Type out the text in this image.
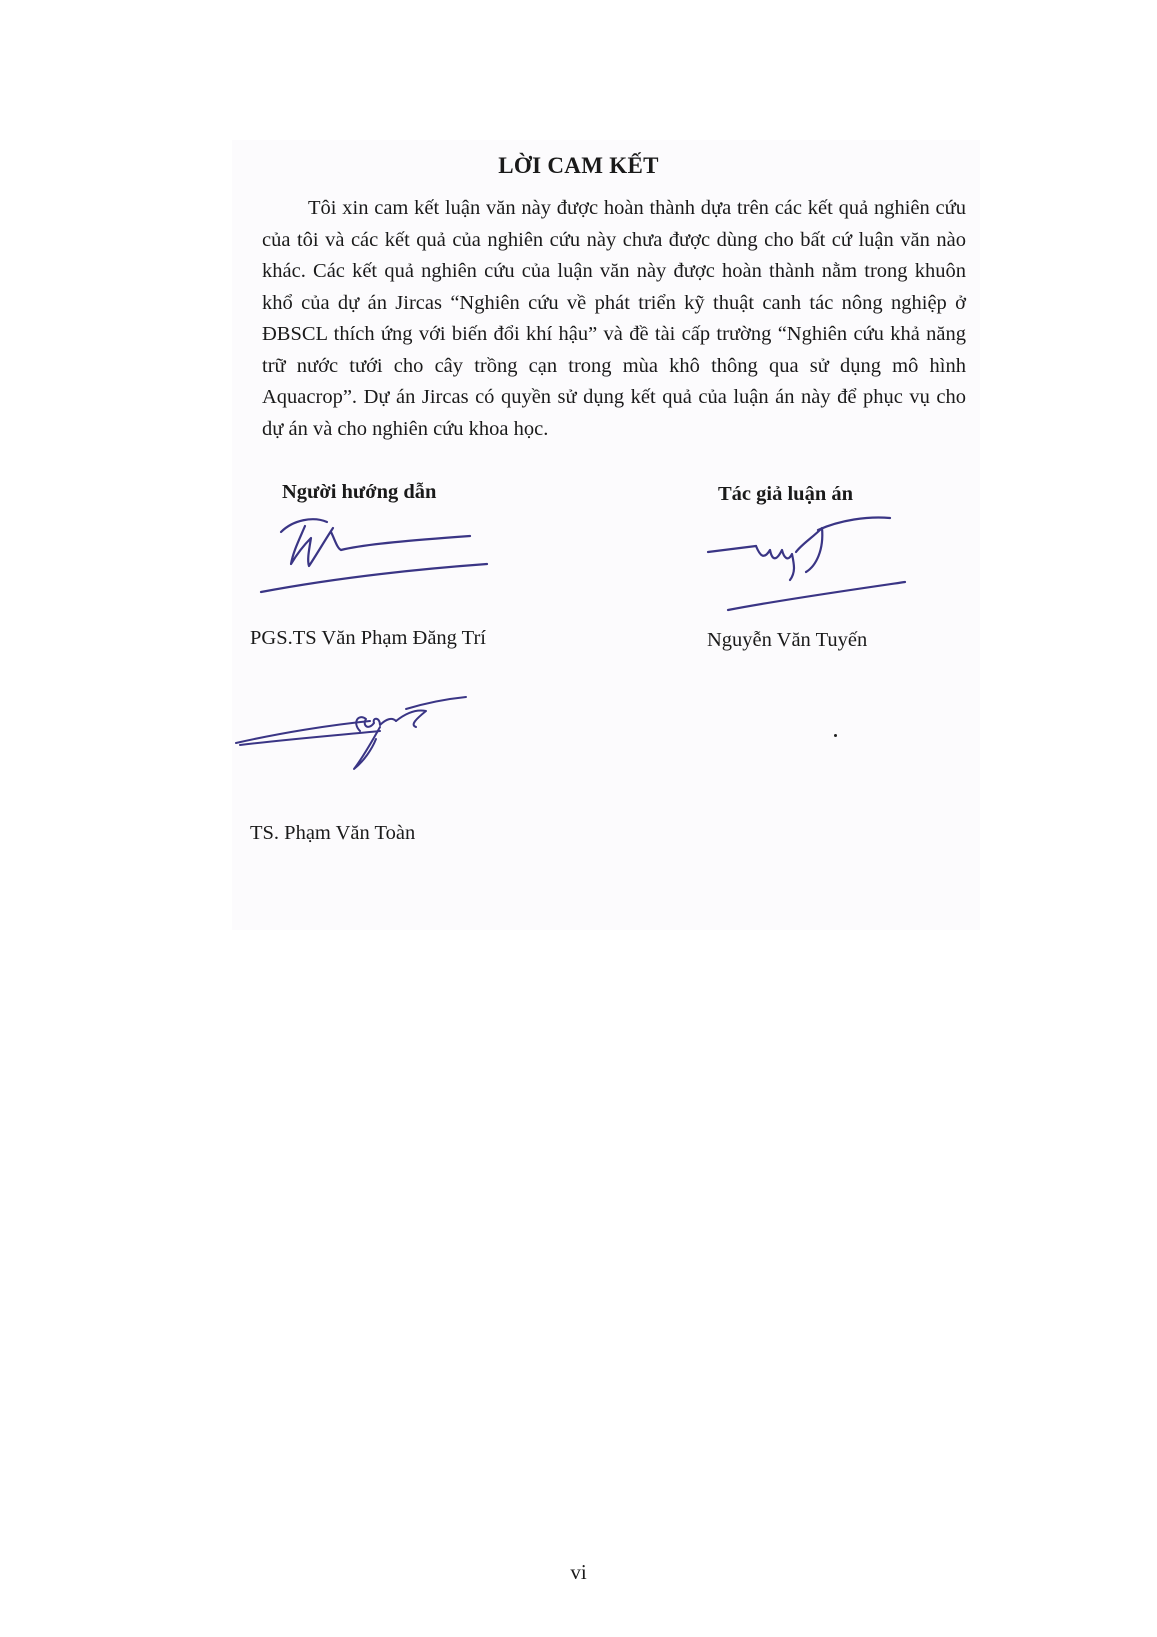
LỜI CAM KẾT

Tôi xin cam kết luận văn này được hoàn thành dựa trên các kết quả nghiên cứu của tôi và các kết quả của nghiên cứu này chưa được dùng cho bất cứ luận văn nào khác. Các kết quả nghiên cứu của luận văn này được hoàn thành nằm trong khuôn khổ của dự án Jircas “Nghiên cứu về phát triển kỹ thuật canh tác nông nghiệp ở ĐBSCL thích ứng với biến đổi khí hậu” và đề tài cấp trường “Nghiên cứu khả năng trữ nước tưới cho cây trồng cạn trong mùa khô thông qua sử dụng mô hình Aquacrop”. Dự án Jircas có quyền sử dụng kết quả của luận án này để phục vụ cho dự án và cho nghiên cứu khoa học.

Người hướng dẫn	Tác giả luận án
PGS.TS Văn Phạm Đăng Trí	Nguyễn Văn Tuyến
TS. Phạm Văn Toàn
vi
